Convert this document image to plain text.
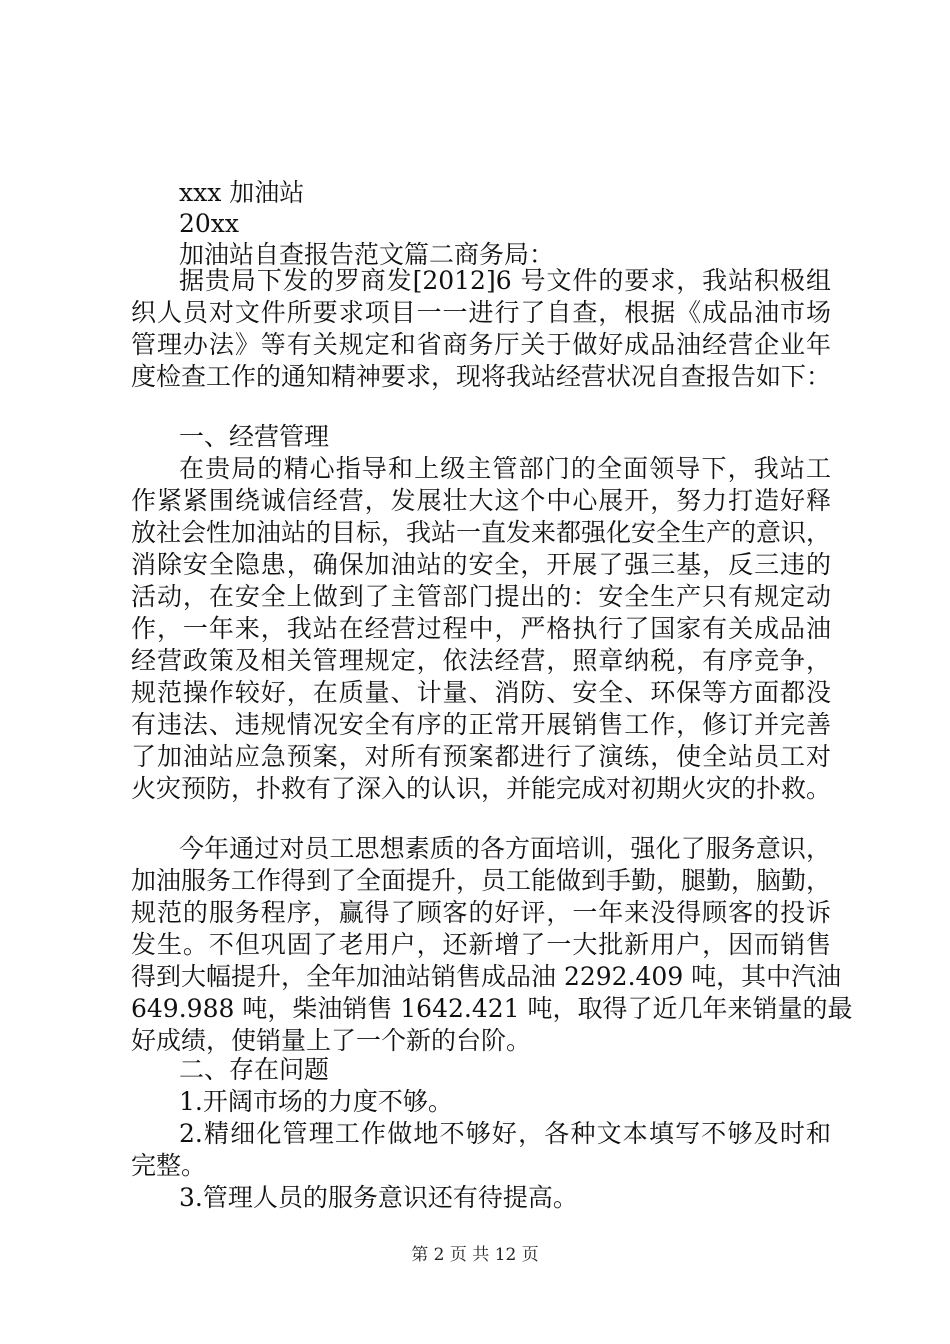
xxx 加油站
20xx
加油站自查报告范文篇二商务局：
据贵局下发的罗商发[2012]6 号文件的要求，我站积极组
织人员对文件所要求项目一一进行了自查，根据《成品油市场
管理办法》等有关规定和省商务厅关于做好成品油经营企业年
度检查工作的通知精神要求，现将我站经营状况自查报告如下：
一、经营管理
在贵局的精心指导和上级主管部门的全面领导下，我站工
作紧紧围绕诚信经营，发展壮大这个中心展开，努力打造好释
放社会性加油站的目标，我站一直发来都强化安全生产的意识，
消除安全隐患，确保加油站的安全，开展了强三基，反三违的
活动，在安全上做到了主管部门提出的：安全生产只有规定动
作，一年来，我站在经营过程中，严格执行了国家有关成品油
经营政策及相关管理规定，依法经营，照章纳税，有序竞争，
规范操作较好，在质量、计量、消防、安全、环保等方面都没
有违法、违规情况安全有序的正常开展销售工作，修订并完善
了加油站应急预案，对所有预案都进行了演练，使全站员工对
火灾预防，扑救有了深入的认识，并能完成对初期火灾的扑救。
今年通过对员工思想素质的各方面培训，强化了服务意识，
加油服务工作得到了全面提升，员工能做到手勤，腿勤，脑勤，
规范的服务程序，赢得了顾客的好评，一年来没得顾客的投诉
发生。不但巩固了老用户，还新增了一大批新用户，因而销售
得到大幅提升，全年加油站销售成品油 2292.409 吨，其中汽油
649.988 吨，柴油销售 1642.421 吨，取得了近几年来销量的最
好成绩，使销量上了一个新的台阶。
二、存在问题
1.开阔市场的力度不够。
2.精细化管理工作做地不够好，各种文本填写不够及时和
完整。
3.管理人员的服务意识还有待提高。
第 2 页 共 12 页
